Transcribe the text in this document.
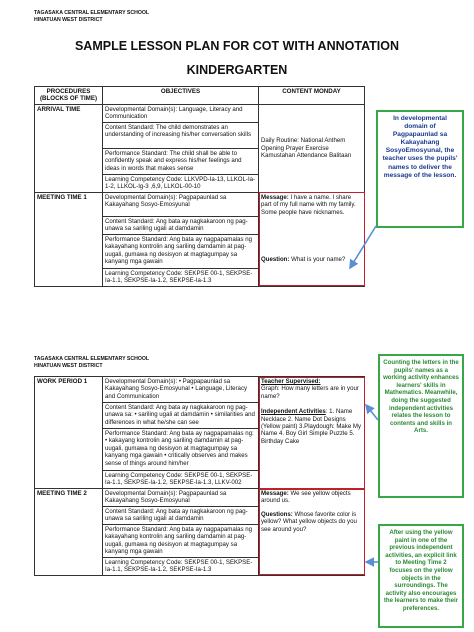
TAGASAKA CENTRAL ELEMENTARY SCHOOL
HINATUAN WEST DISTRICT
SAMPLE LESSON PLAN FOR COT WITH ANNOTATION
KINDERGARTEN
PROCEDURES (BLOCKS OF TIME)	OBJECTIVES	CONTENT MONDAY
ARRIVAL TIME	Developmental Domain(s): Language, Literacy and Communication	Daily Routine: National Anthem Opening Prayer Exercise Kamustahan Attendance Balitaan
	Content Standard: The child demonstrates an understanding of increasing his/her conversation skills	
	Performance Standard: The child shall be able to confidently speak and express his/her feelings and ideas in words that makes sense	
	Learning Competency Code: LLKVPD-Ia-13, LLKOL-Ia-1-2, LLKOL-Ig-3 ,6,9, LLKOL-00-10	
MEETING TIME 1	Developmental Domain(s): Pagpapaunlad sa Kakayahang Sosyo-Emosyunal	Message: I have a name. I share part of my full name with my family. Some people have nicknames.
Question: What is your name?
	Content Standard: Ang bata ay nagkakaroon ng pag-unawa sa sariling ugali at damdamin	
	Performance Standard: Ang bata ay nagpapamalas ng kakayahang kontrolin ang sariling damdamin at pag-uugali, gumawa ng desisyon at magtagumpay sa kanyang mga gawain	
	Learning Competency Code: SEKPSE 00-1, SEKPSE-Ia-1.1, SEKPSE-Ia-1.2, SEKPSE-Ia-1.3	
In developmental domain of Pagpapaunlad sa Kakayahang SosyoEmosyunal, the teacher uses the pupils' names to deliver the message of the lesson.
TAGASAKA CENTRAL ELEMENTARY SCHOOL
HINATUAN WEST DISTRICT
WORK PERIOD 1	Developmental Domain(s): • Pagpapaunlad sa Kakayahang Sosyo-Emosyunal • Language, Literacy and Communication	Teacher Supervised:
Graph: How many letters are in your name?
Independent Activities: 1. Name Necklace 2. Name Dot Designs (Yellow paint) 3.Playdough: Make My Name 4. Boy Girl Simple Puzzle 5. Birthday Cake
	Content Standard: Ang bata ay nagkakaroon ng pag-unawa sa: • sariling ugali at damdamin • similarities and differences in what he/she can see	
	Performance Standard: Ang bata ay nagpapamalas ng: • kakayang kontrolin ang sariling damdamin at pag-uugali, gumawa ng desisyon at magtagumpay sa kanyang mga gawain • critically observes and makes sense of things around him/her	
	Learning Competency Code: SEKPSE 00-1, SEKPSE-Ia-1.1, SEKPSE-Ia-1.2, SEKPSE-Ia-1.3, LLKV-002	
MEETING TIME 2	Developmental Domain(s): Pagpapaunlad sa Kakayahang Sosyo-Emosyunal	Message: We see yellow objects around us.
Questions: Whose favorite color is yellow? What yellow objects do you see around you?
	Content Standard: Ang bata ay nagkakaroon ng pag-unawa sa sariling ugali at damdamin	
	Performance Standard: Ang bata ay nagpapamalas ng kakayahang kontrolin ang sariling damdamin at pag-uugali, gumawa ng desisyon at magtagumpay sa kanyang mga gawain	
	Learning Competency Code: SEKPSE 00-1, SEKPSE-Ia-1.1, SEKPSE-Ia-1.2, SEKPSE-Ia-1.3	
Counting the letters in the pupils' names as a working activity enhances learners' skills in Mathematics. Meanwhile, doing the suggested independent activities relates the lesson to contents and skills in Arts.
After using the yellow paint in one of the previous independent activities, an explicit link to Meeting Time 2 focuses on the yellow objects in the surroundings. The activity also encourages the learners to make their preferences.
